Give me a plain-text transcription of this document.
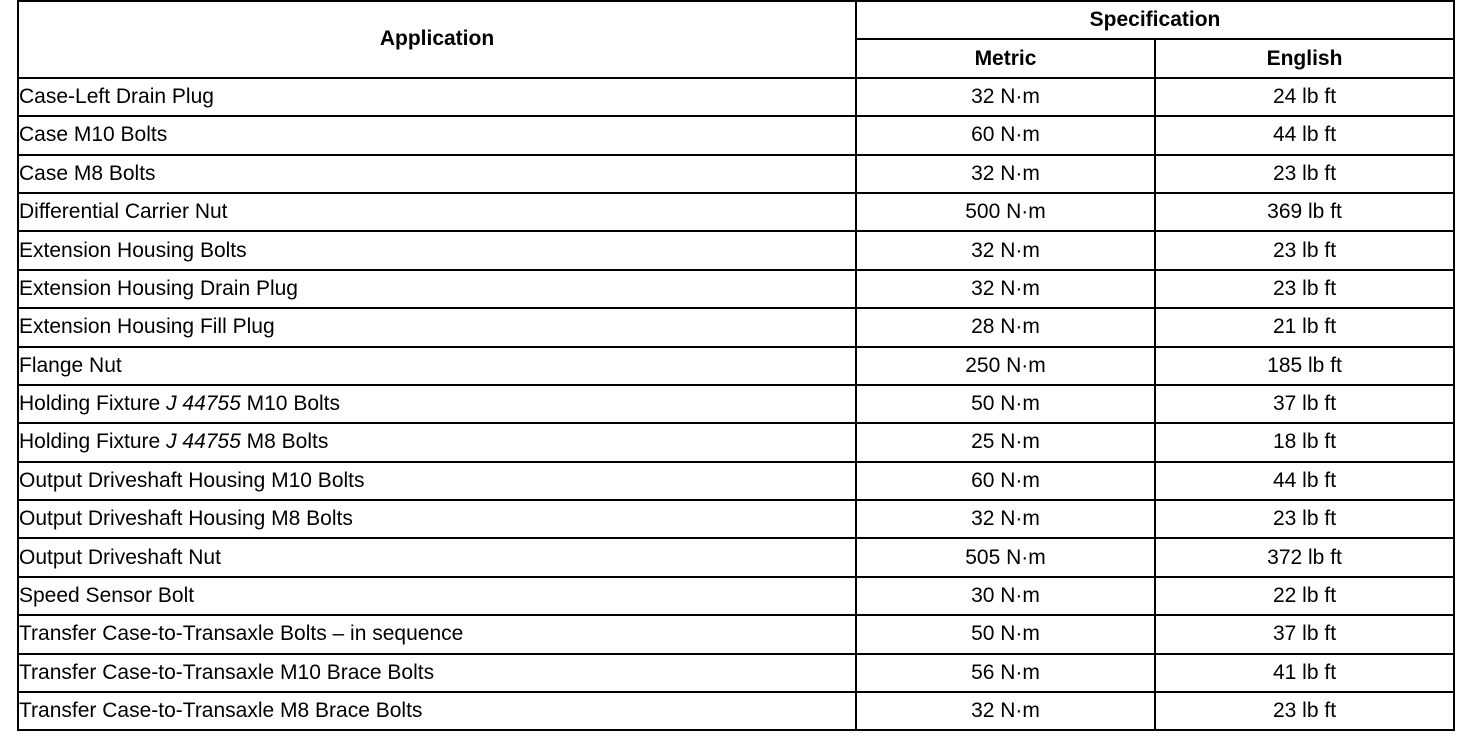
Application	Specification	
	Metric	English
Case-Left Drain Plug	32 N·m	24 lb ft
Case M10 Bolts	60 N·m	44 lb ft
Case M8 Bolts	32 N·m	23 lb ft
Differential Carrier Nut	500 N·m	369 lb ft
Extension Housing Bolts	32 N·m	23 lb ft
Extension Housing Drain Plug	32 N·m	23 lb ft
Extension Housing Fill Plug	28 N·m	21 lb ft
Flange Nut	250 N·m	185 lb ft
Holding Fixture J 44755 M10 Bolts	50 N·m	37 lb ft
Holding Fixture J 44755 M8 Bolts	25 N·m	18 lb ft
Output Driveshaft Housing M10 Bolts	60 N·m	44 lb ft
Output Driveshaft Housing M8 Bolts	32 N·m	23 lb ft
Output Driveshaft Nut	505 N·m	372 lb ft
Speed Sensor Bolt	30 N·m	22 lb ft
Transfer Case-to-Transaxle Bolts – in sequence	50 N·m	37 lb ft
Transfer Case-to-Transaxle M10 Brace Bolts	56 N·m	41 lb ft
Transfer Case-to-Transaxle M8 Brace Bolts	32 N·m	23 lb ft
